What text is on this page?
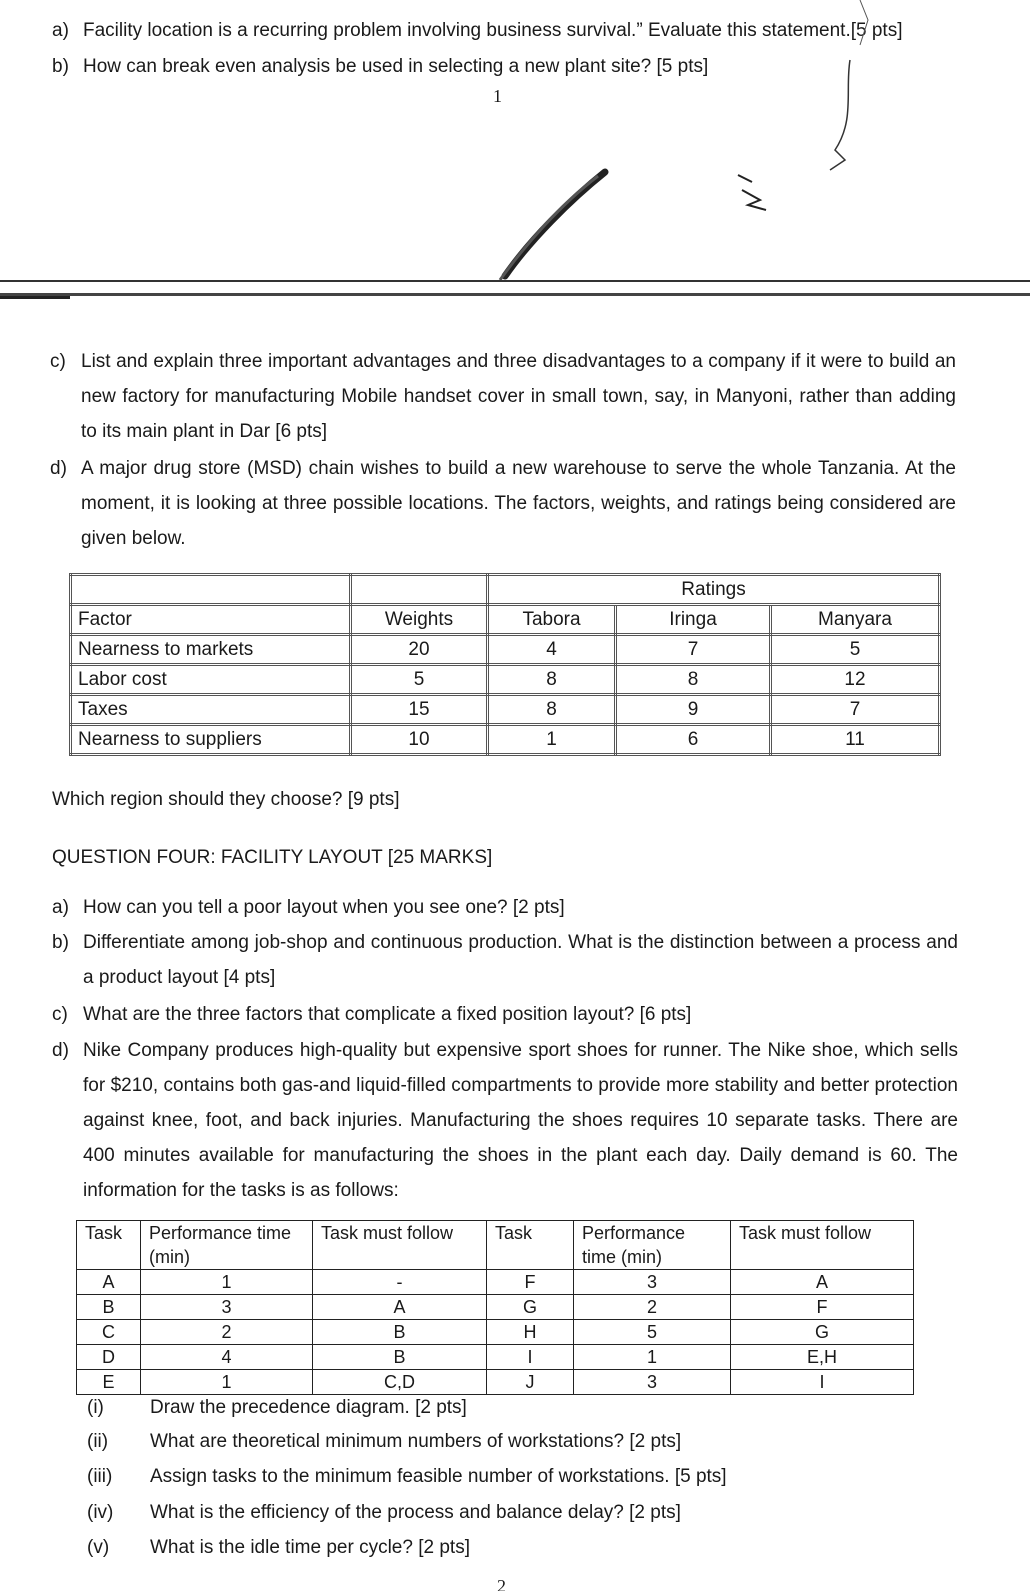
a) Facility location is a recurring problem involving business survival.” Evaluate this statement.[5 pts]
b) How can break even analysis be used in selecting a new plant site? [5 pts]
1
c) List and explain three important advantages and three disadvantages to a company if it were to build an new factory for manufacturing Mobile handset cover in small town, say, in Manyoni, rather than adding to its main plant in Dar [6 pts]
d) A major drug store (MSD) chain wishes to build a new warehouse to serve the whole Tanzania. At the moment, it is looking at three possible locations. The factors, weights, and ratings being considered are given below.
		Ratings		
Factor	Weights	Tabora	Iringa	Manyara
Nearness to markets	20	4	7	5
Labor cost	5	8	8	12
Taxes	15	8	9	7
Nearness to suppliers	10	1	6	11
Which region should they choose? [9 pts]
QUESTION FOUR: FACILITY LAYOUT [25 MARKS]
a) How can you tell a poor layout when you see one? [2 pts]
b) Differentiate among job-shop and continuous production. What is the distinction between a process and a product layout [4 pts]
c) What are the three factors that complicate a fixed position layout? [6 pts]
d) Nike Company produces high-quality but expensive sport shoes for runner. The Nike shoe, which sells for $210, contains both gas-and liquid-filled compartments to provide more stability and better protection against knee, foot, and back injuries. Manufacturing the shoes requires 10 separate tasks. There are 400 minutes available for manufacturing the shoes in the plant each day. Daily demand is 60. The information for the tasks is as follows:
Task	Performance time (min)	Task must follow	Task	Performance time (min)	Task must follow
A	1	-	F	3	A
B	3	A	G	2	F
C	2	B	H	5	G
D	4	B	I	1	E,H
E	1	C,D	J	3	I
(i) Draw the precedence diagram. [2 pts]
(ii) What are theoretical minimum numbers of workstations? [2 pts]
(iii) Assign tasks to the minimum feasible number of workstations. [5 pts]
(iv) What is the efficiency of the process and balance delay? [2 pts]
(v) What is the idle time per cycle? [2 pts]
2
